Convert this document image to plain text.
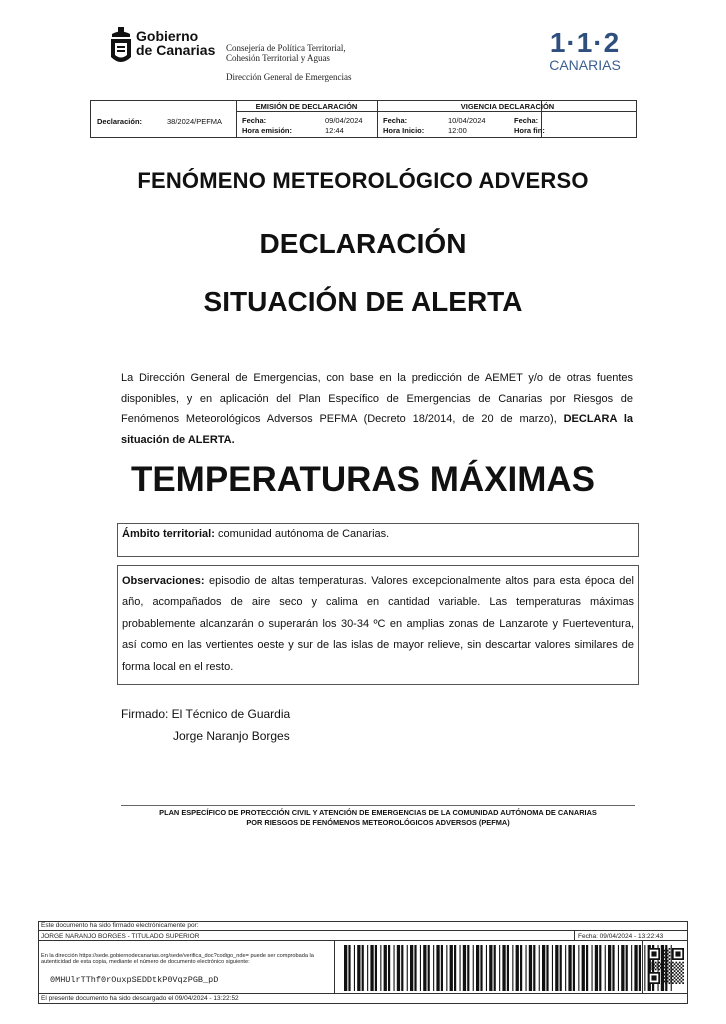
Gobierno
de Canarias Consejería de Política Territorial,
Cohesión Territorial y Aguas
Dirección General de Emergencias
1·1·2
CANARIAS
Declaración:	38/2024/PEFMA
EMISIÓN DE DECLARACIÓN
Fecha:	09/04/2024
Hora emisión:	12:44
VIGENCIA DECLARACIÓN
Fecha:	10/04/2024
Hora Inicio:	12:00
Fecha:
Hora fin:
FENÓMENO METEOROLÓGICO ADVERSO
DECLARACIÓN
SITUACIÓN DE ALERTA
La Dirección General de Emergencias, con base en la predicción de AEMET y/o de otras fuentes disponibles, y en aplicación del Plan Específico de Emergencias de Canarias por Riesgos de Fenómenos Meteorológicos Adversos PEFMA (Decreto 18/2014, de 20 de marzo), DECLARA la situación de ALERTA.
TEMPERATURAS MÁXIMAS
Ámbito territorial: comunidad autónoma de Canarias.
Observaciones: episodio de altas temperaturas. Valores excepcionalmente altos para esta época del año, acompañados de aire seco y calima en cantidad variable. Las temperaturas máximas probablemente alcanzarán o superarán los 30-34 ºC en amplias zonas de Lanzarote y Fuerteventura, así como en las vertientes oeste y sur de las islas de mayor relieve, sin descartar valores similares de forma local en el resto.
Firmado: El Técnico de Guardia
Jorge Naranjo Borges
PLAN ESPECÍFICO DE PROTECCIÓN CIVIL Y ATENCIÓN DE EMERGENCIAS DE LA COMUNIDAD AUTÓNOMA DE CANARIAS
POR RIESGOS DE FENÓMENOS METEOROLÓGICOS ADVERSOS (PEFMA)
Este documento ha sido firmado electrónicamente por:
JORGE NARANJO BORGES - TITULADO SUPERIOR	Fecha: 09/04/2024 - 13:22:43
En la dirección https://sede.gobiernodecanarias.org/sede/verifica_doc?codigo_nde= puede ser comprobada la autenticidad de esta copia, mediante el número de documento electrónico siguiente:
0MHUlrTThf0rOuxpSEDDtkP0VqzPGB_pD
El presente documento ha sido descargado el 09/04/2024 - 13:22:52
